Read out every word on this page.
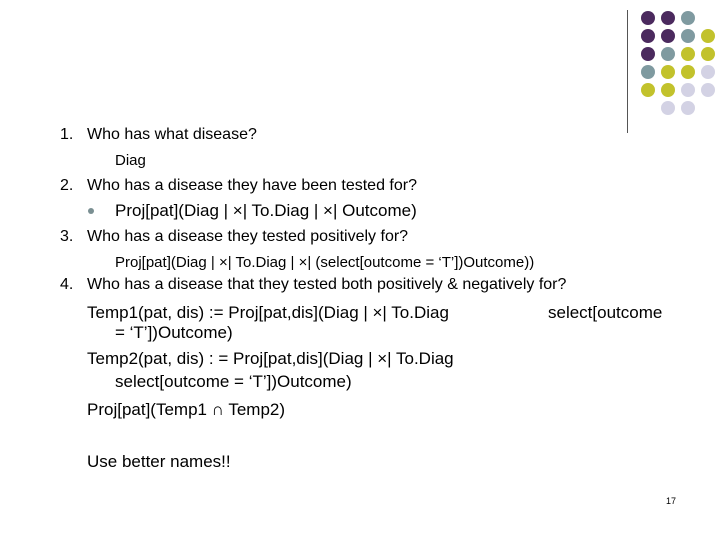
1. Who has what disease?
Diag
2. Who has a disease they have been tested for?
Proj[pat](Diag | ×| To.Diag | ×| Outcome)
3. Who has a disease they tested positively for?
Proj[pat](Diag | ×| To.Diag | ×| (select[outcome = ‘T’])Outcome))
4. Who has a disease that they tested both positively & negatively for?
Temp1(pat, dis) := Proj[pat,dis](Diag | ×| To.Diag	select[outcome
= ‘T’])Outcome)
Temp2(pat, dis) : = Proj[pat,dis](Diag | ×| To.Diag
select[outcome = ‘T’])Outcome)
Proj[pat](Temp1 ∩ Temp2)
Use better names!!
17
